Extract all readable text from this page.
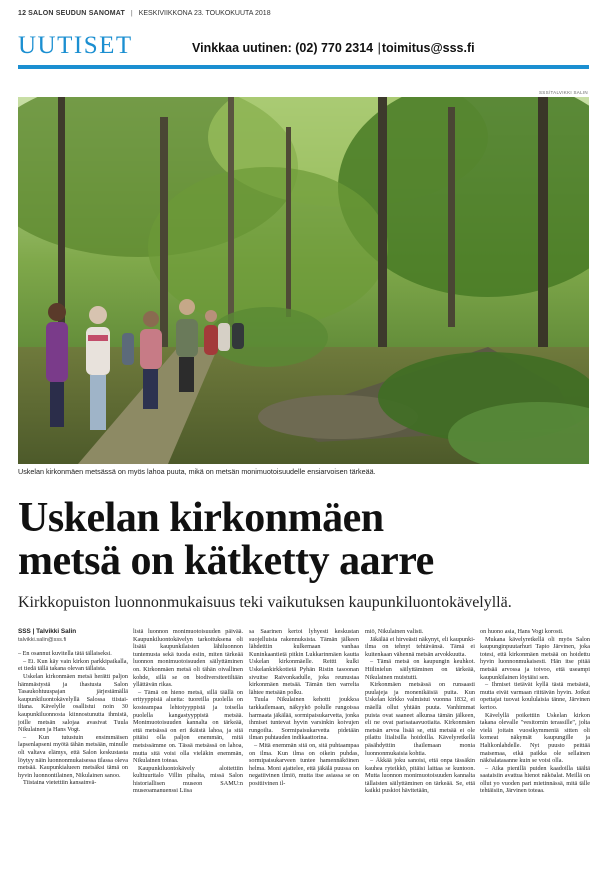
12 SALON SEUDUN SANOMAT | KESKIVIIKKONA 23. TOUKOKUUTA 2018
UUTISET	Vinkkaa uutinen: (02) 770 2314 |toimitus@sss.fi
SSS/TALVIKKI SALIN
Uskelan kirkonmäen metsässä on myös lahoa puuta, mikä on metsän monimuotoisuudelle ensiarvoisen tärkeää.
Uskelan kirkonmäen
metsä on kätketty aarre
Kirkkopuiston luonnonmukaisuus teki vaikutuksen kaupunkiluontokävelyllä.
SSS | Talvikki Salin
talvikki.salin@sss.fi

– En osannut kuvitella tätä tällaiseksi.

– Ei. Kun käy vain kirkon parkkipaikalla, ei tiedä tällä takana olevan tällaista.

Uskelan kirkonmäen metsä herätti paljon hämmästystä ja ihastusta Salon Tasaukohtuuspajan järjestämällä kaupunkiluontokävelyllä Salossa tiistai-iltana. Kävelylle osallistui noin 30 kaupunkiluonnosta kiinnostunutta ihmistä, joille metsän salojaa avasivat Tuula Nikulainen ja Hans Vogt.

– Kun tutustuin ensimmäisen lapsenlapseni myötä tähän metsään, minulle oli valtava elämys, että Salon keskustasta löytyy näin luonnonmukaisessa tilassa oleva metsää. Kaupunkialueen metsäksi tämä on hyvin luonnontilainen, Nikulainen sanoo.

Tiistaina vietettiin kansainvä-

listä luonnon monimuotoisuuden päivää. Kaupunkiluontokävelyn tarkoituksena oli lisätä kaupunkilaisten lähiluonnon tuntemusta sekä tuoda esiin, miten tärkeää luonnon monimuotoisuuden säilyttäminen on. Kirkonmäen metsä oli tähän oivallinen kohde, sillä se on biodiversiteetiltään yllättävän rikas.

– Tämä on hieno metsä, sillä täällä on erityyppisiä alueita: tuoreilla puolella on kosteampaa lehtotyyppistä ja toisella puolella kangastyyppistä metsää. Monimuotoisuuden kannalta on tärkeää, että metsässä on eri ikäistä lahoa, ja sitä pitäisi olla paljon enemmän, mitä metsissämme on. Tässä metsässä on lahoa, mutta sitä voisi olla vieläkin enemmän, Nikulainen toteaa.

Kaupunkiluontokävely aloitettiin kulttuuritalo Villin pihalta, missä Salon historiallisen museon SAMU:n museoamanuenssi Liisa

sa Saarinen kertoi lyhyesti keskustan suojelluista rakennuksista. Tämän jälkeen lähdettiin kulkemaan vanhaa Kuninkaantietä pitkin Lukkarinmäen kautta Uskelan kirkonmäelle. Reitti kulki Uskelankirkkotietä Pyhän Ristin tasoonan sivuitse Raivonkadulle, joka reunustaa kirkonmäen metsää. Tämän tien varrelta lähtee metsään polku.

Tuula Nikulainen kehotti joukkoa tarkkailemaan, näkyykö polulle rungoissa harmaata jäkälää, sormipaisukarvetta, jonka ihmiset tuntevat hyvin varsinkin koivujen rungoilta. Sormipaisukarvetta pidetään ilman puhtauden indikaattorina.

– Mitä enemmän sitä on, sitä puhtaampaa on ilma. Kun ilma on oikein puhdas, sormipaisukarveen tuntee hamennäköinen helma. Moni ajattelee, että jäkälä puussa on negatiivinen ilmiö, mutta itse asiassa se on positiivinen il-

miö, Nikulainen valisti.

Jäkälää ei hirveästi näkynyt, eli kaupunki-ilma on tehnyt tehtävänsä. Tämä ei kuitenkaan vähennä metsän arvokkuutta.

– Tämä metsä on kaupungin keuhkot. Hiilinielun säilyttäminen on tärkeää, Nikulainen muistutti.

Kirkonmäen metsässä on runsaasti puulajeja ja monenikäisiä puita. Kun Uskelan kirkko valmistui vuonna 1832, ei mäellä ollut yhtään puuta. Vanhimmat puista ovat saaneet alkunsa tämän jälkeen, eli ne ovat parisataavuotiaita. Kirkonmäen metsän arvoa lisää se, että metsää ei ole pilattu liialisilla hoidoilla. Kävelyretkellä päsähdyttiin ihailemaan monia luonnonmukaisia kohtia.

– Äkkää joku sanoisi, että onpa tässäkin kauhea ryteikkö, pitäisi laittaa se kuntoon. Mutta luonnon monimuotoisuuden kannalta tällaisten säilyttäminen on tärkeää. Se, että kaikki puskiot hävitetään,

on huono asia, Hans Vogt korosti.

Mukana kävelyretkellä oli myös Salon kaupunginpuutarhuri Tapio Järvinen, joka totesi, että kirkonmäen metsää on hoidettu hyvin luonnonmukaisesti. Hän itse pitää metsää arvossa ja toivoo, että useampi kaupunkilainen löytäisi sen.

– Ihmiset tietävät kyllä tästä metsästä, mutta eivät varmaan riittävän hyvin. Jotkut opettajat tuovat koululaisia tänne, Järvinen kertoo.

Kävelyllä poikettiin Uskelan kirkon takana olevalle "vesitornin terassille", jolta vielä joitain vuosikymmeniä sitten oli komeat näkymät kaupungille ja Halikonlahdelle. Nyt puusto peittää maisemaa, eikä paikka ole sellainen näköalatasanne kuin se voisi olla.

– Aika pienillä puiden kaadoilla täältä saataisiin avattua hienot näköalat. Meillä on ollut yo vuoden pari mietinnässä, mitä tälle tehtäisiin, Järvinen toteaa.
